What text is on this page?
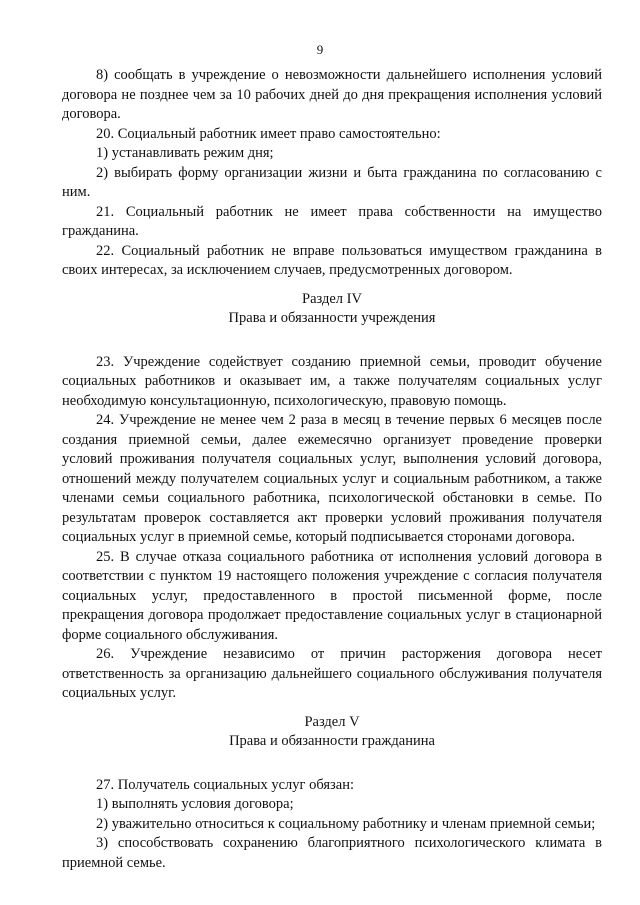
9

8) сообщать в учреждение о невозможности дальнейшего исполнения условий договора не позднее чем за 10 рабочих дней до дня прекращения исполнения условий договора.

20. Социальный работник имеет право самостоятельно:

1) устанавливать режим дня;

2) выбирать форму организации жизни и быта гражданина по согласованию с ним.

21. Социальный работник не имеет права собственности на имущество гражданина.

22. Социальный работник не вправе пользоваться имуществом гражданина в своих интересах, за исключением случаев, предусмотренных договором.

Раздел IV

Права и обязанности учреждения

23. Учреждение содействует созданию приемной семьи, проводит обучение социальных работников и оказывает им, а также получателям социальных услуг необходимую консультационную, психологическую, правовую помощь.

24. Учреждение не менее чем 2 раза в месяц в течение первых 6 месяцев после создания приемной семьи, далее ежемесячно организует проведение проверки условий проживания получателя социальных услуг, выполнения условий договора, отношений между получателем социальных услуг и социальным работником, а также членами семьи социального работника, психологической обстановки в семье. По результатам проверок составляется акт проверки условий проживания получателя социальных услуг в приемной семье, который подписывается сторонами договора.

25. В случае отказа социального работника от исполнения условий договора в соответствии с пунктом 19 настоящего положения учреждение с согласия получателя социальных услуг, предоставленного в простой письменной форме, после прекращения договора продолжает предоставление социальных услуг в стационарной форме социального обслуживания.

26. Учреждение независимо от причин расторжения договора несет ответственность за организацию дальнейшего социального обслуживания получателя социальных услуг.

Раздел V

Права и обязанности гражданина

27. Получатель социальных услуг обязан:

1) выполнять условия договора;

2) уважительно относиться к социальному работнику и членам приемной семьи;

3) способствовать сохранению благоприятного психологического климата в приемной семье.
